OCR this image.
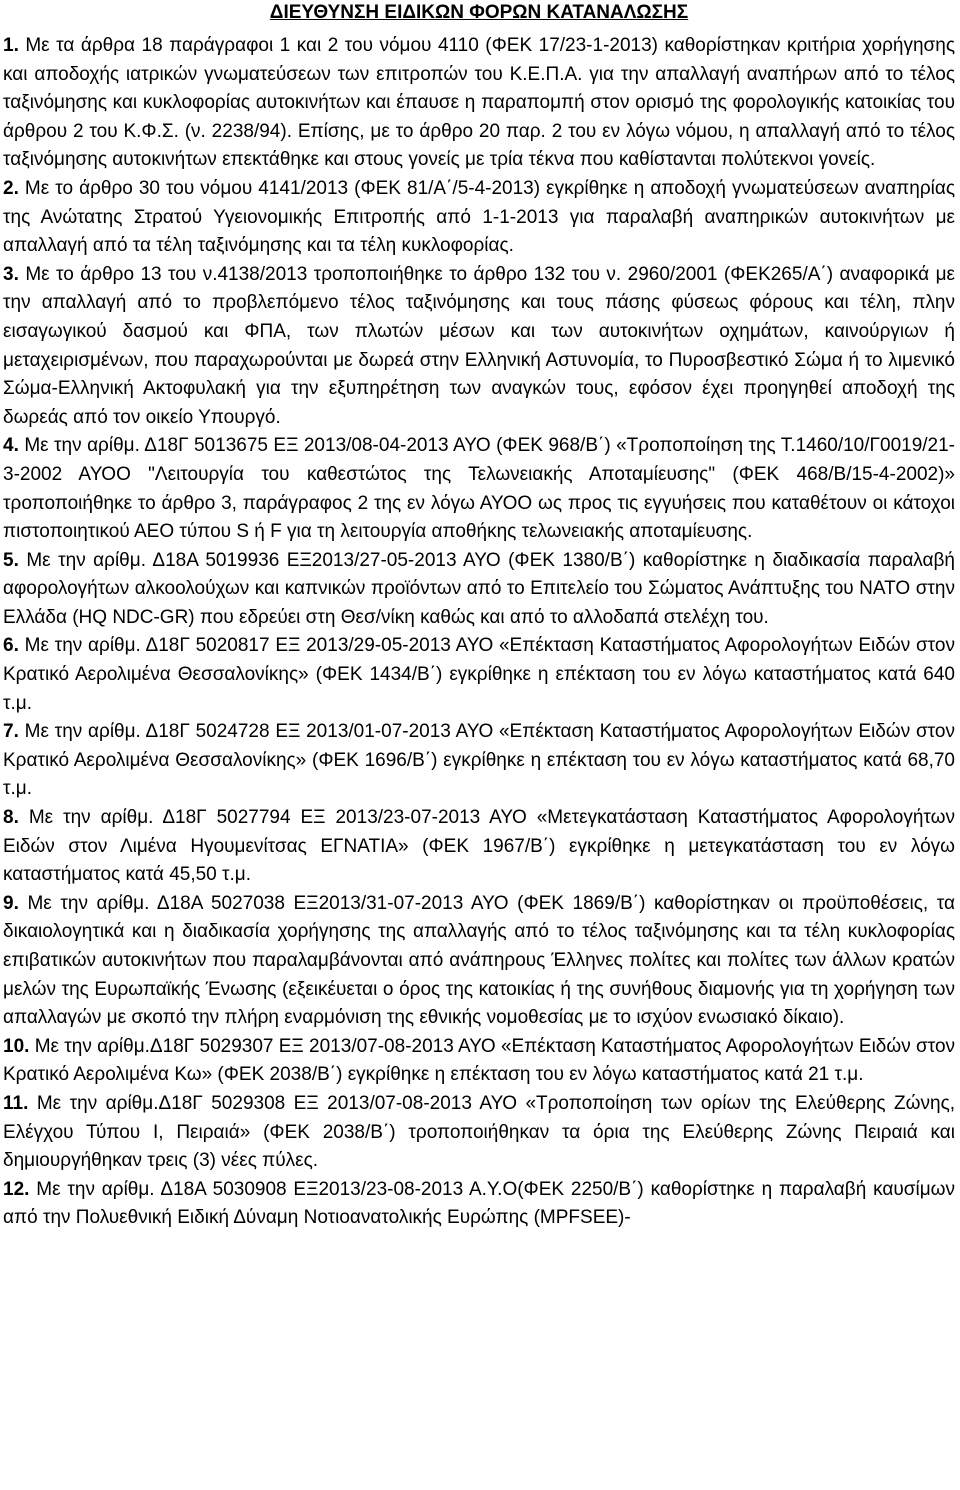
ΔΙΕΥΘΥΝΣΗ ΕΙΔΙΚΩΝ ΦΟΡΩΝ ΚΑΤΑΝΑΛΩΣΗΣ

1. Με τα άρθρα 18 παράγραφοι 1 και 2 του νόμου 4110 (ΦΕΚ 17/23-1-2013) καθορίστηκαν κριτήρια χορήγησης και αποδοχής ιατρικών γνωματεύσεων των επιτροπών του Κ.Ε.Π.Α. για την απαλλαγή αναπήρων από το τέλος ταξινόμησης και κυκλοφορίας αυτοκινήτων και έπαυσε η παραπομπή στον ορισμό της φορολογικής κατοικίας του άρθρου 2 του Κ.Φ.Σ. (ν. 2238/94). Επίσης, με το άρθρο 20 παρ. 2 του εν λόγω νόμου, η απαλλαγή από το τέλος ταξινόμησης αυτοκινήτων επεκτάθηκε και στους γονείς με τρία τέκνα που καθίστανται πολύτεκνοι γονείς.

2. Με το άρθρο 30 του νόμου 4141/2013 (ΦΕΚ 81/Α΄/5-4-2013) εγκρίθηκε η αποδοχή γνωματεύσεων αναπηρίας της Ανώτατης Στρατού Υγειονομικής Επιτροπής από 1-1-2013 για παραλαβή αναπηρικών αυτοκινήτων με απαλλαγή από τα τέλη ταξινόμησης και τα τέλη κυκλοφορίας.

3. Με το άρθρο 13 του ν.4138/2013 τροποποιήθηκε το άρθρο 132 του ν. 2960/2001 (ΦΕΚ265/Α΄) αναφορικά με την απαλλαγή από το προβλεπόμενο τέλος ταξινόμησης και τους πάσης φύσεως φόρους και τέλη, πλην εισαγωγικού δασμού και ΦΠΑ, των πλωτών μέσων και των αυτοκινήτων οχημάτων, καινούργιων ή μεταχειρισμένων, που παραχωρούνται με δωρεά στην Ελληνική Αστυνομία, το Πυροσβεστικό Σώμα ή το λιμενικό Σώμα-Ελληνική Ακτοφυλακή για την εξυπηρέτηση των αναγκών τους, εφόσον έχει προηγηθεί αποδοχή της δωρεάς από τον οικείο Υπουργό.

4. Με την αρίθμ. Δ18Γ 5013675 ΕΞ 2013/08-04-2013 ΑΥΟ (ΦΕΚ 968/Β΄) «Τροποποίηση της Τ.1460/10/Γ0019/21-3-2002 ΑΥΟΟ "Λειτουργία του καθεστώτος της Τελωνειακής Αποταμίευσης" (ΦΕΚ 468/Β/15-4-2002)» τροποποιήθηκε το άρθρο 3, παράγραφος 2 της εν λόγω ΑΥΟΟ ως προς τις εγγυήσεις που καταθέτουν οι κάτοχοι πιστοποιητικού ΑΕΟ τύπου S ή F για τη λειτουργία αποθήκης τελωνειακής αποταμίευσης.

5. Με την αρίθμ. Δ18Α 5019936 ΕΞ2013/27-05-2013 ΑΥΟ (ΦΕΚ 1380/Β΄) καθορίστηκε η διαδικασία παραλαβή αφορολογήτων αλκοολούχων και καπνικών προϊόντων από το Επιτελείο του Σώματος Ανάπτυξης του ΝΑΤΟ στην Ελλάδα (HQ NDC-GR) που εδρεύει στη Θεσ/νίκη καθώς και από το αλλοδαπά στελέχη του.

6. Με την αρίθμ. Δ18Γ 5020817 ΕΞ 2013/29-05-2013 ΑΥΟ «Επέκταση Καταστήματος Αφορολογήτων Ειδών στον Κρατικό Αερολιμένα Θεσσαλονίκης» (ΦΕΚ 1434/Β΄) εγκρίθηκε η επέκταση του εν λόγω καταστήματος κατά 640 τ.μ.

7. Με την αρίθμ. Δ18Γ 5024728 ΕΞ 2013/01-07-2013 ΑΥΟ «Επέκταση Καταστήματος Αφορολογήτων Ειδών στον Κρατικό Αερολιμένα Θεσσαλονίκης» (ΦΕΚ 1696/Β΄) εγκρίθηκε η επέκταση του εν λόγω καταστήματος κατά 68,70 τ.μ.

8. Με την αρίθμ. Δ18Γ 5027794 ΕΞ 2013/23-07-2013 ΑΥΟ «Μετεγκατάσταση Καταστήματος Αφορολογήτων Ειδών στον Λιμένα Ηγουμενίτσας ΕΓΝΑΤΙΑ» (ΦΕΚ 1967/Β΄) εγκρίθηκε η μετεγκατάσταση του εν λόγω καταστήματος κατά 45,50 τ.μ.

9. Με την αρίθμ. Δ18Α 5027038 ΕΞ2013/31-07-2013 ΑΥΟ (ΦΕΚ 1869/Β΄) καθορίστηκαν οι προϋποθέσεις, τα δικαιολογητικά και η διαδικασία χορήγησης της απαλλαγής από το τέλος ταξινόμησης και τα τέλη κυκλοφορίας επιβατικών αυτοκινήτων που παραλαμβάνονται από ανάπηρους Έλληνες πολίτες και πολίτες των άλλων κρατών μελών της Ευρωπαϊκής Ένωσης (εξεικέυεται ο όρος της κατοικίας ή της συνήθους διαμονής για τη χορήγηση των απαλλαγών με σκοπό την πλήρη εναρμόνιση της εθνικής νομοθεσίας με το ισχύον ενωσιακό δίκαιο).

10. Με την αρίθμ.Δ18Γ 5029307 ΕΞ 2013/07-08-2013 ΑΥΟ «Επέκταση Καταστήματος Αφορολογήτων Ειδών στον Κρατικό Αερολιμένα Κω» (ΦΕΚ 2038/Β΄) εγκρίθηκε η επέκταση του εν λόγω καταστήματος κατά 21 τ.μ.

11. Με την αρίθμ.Δ18Γ 5029308 ΕΞ 2013/07-08-2013 ΑΥΟ «Τροποποίηση των ορίων της Ελεύθερης Ζώνης, Ελέγχου Τύπου Ι, Πειραιά» (ΦΕΚ 2038/Β΄) τροποποιήθηκαν τα όρια της Ελεύθερης Ζώνης Πειραιά και δημιουργήθηκαν τρεις (3) νέες πύλες.

12. Με την αρίθμ. Δ18Α 5030908 ΕΞ2013/23-08-2013 Α.Υ.Ο(ΦΕΚ 2250/Β΄) καθορίστηκε η παραλαβή καυσίμων από την Πολυεθνική Ειδική Δύναμη Νοτιοανατολικής Ευρώπης (MPFSEE)-
